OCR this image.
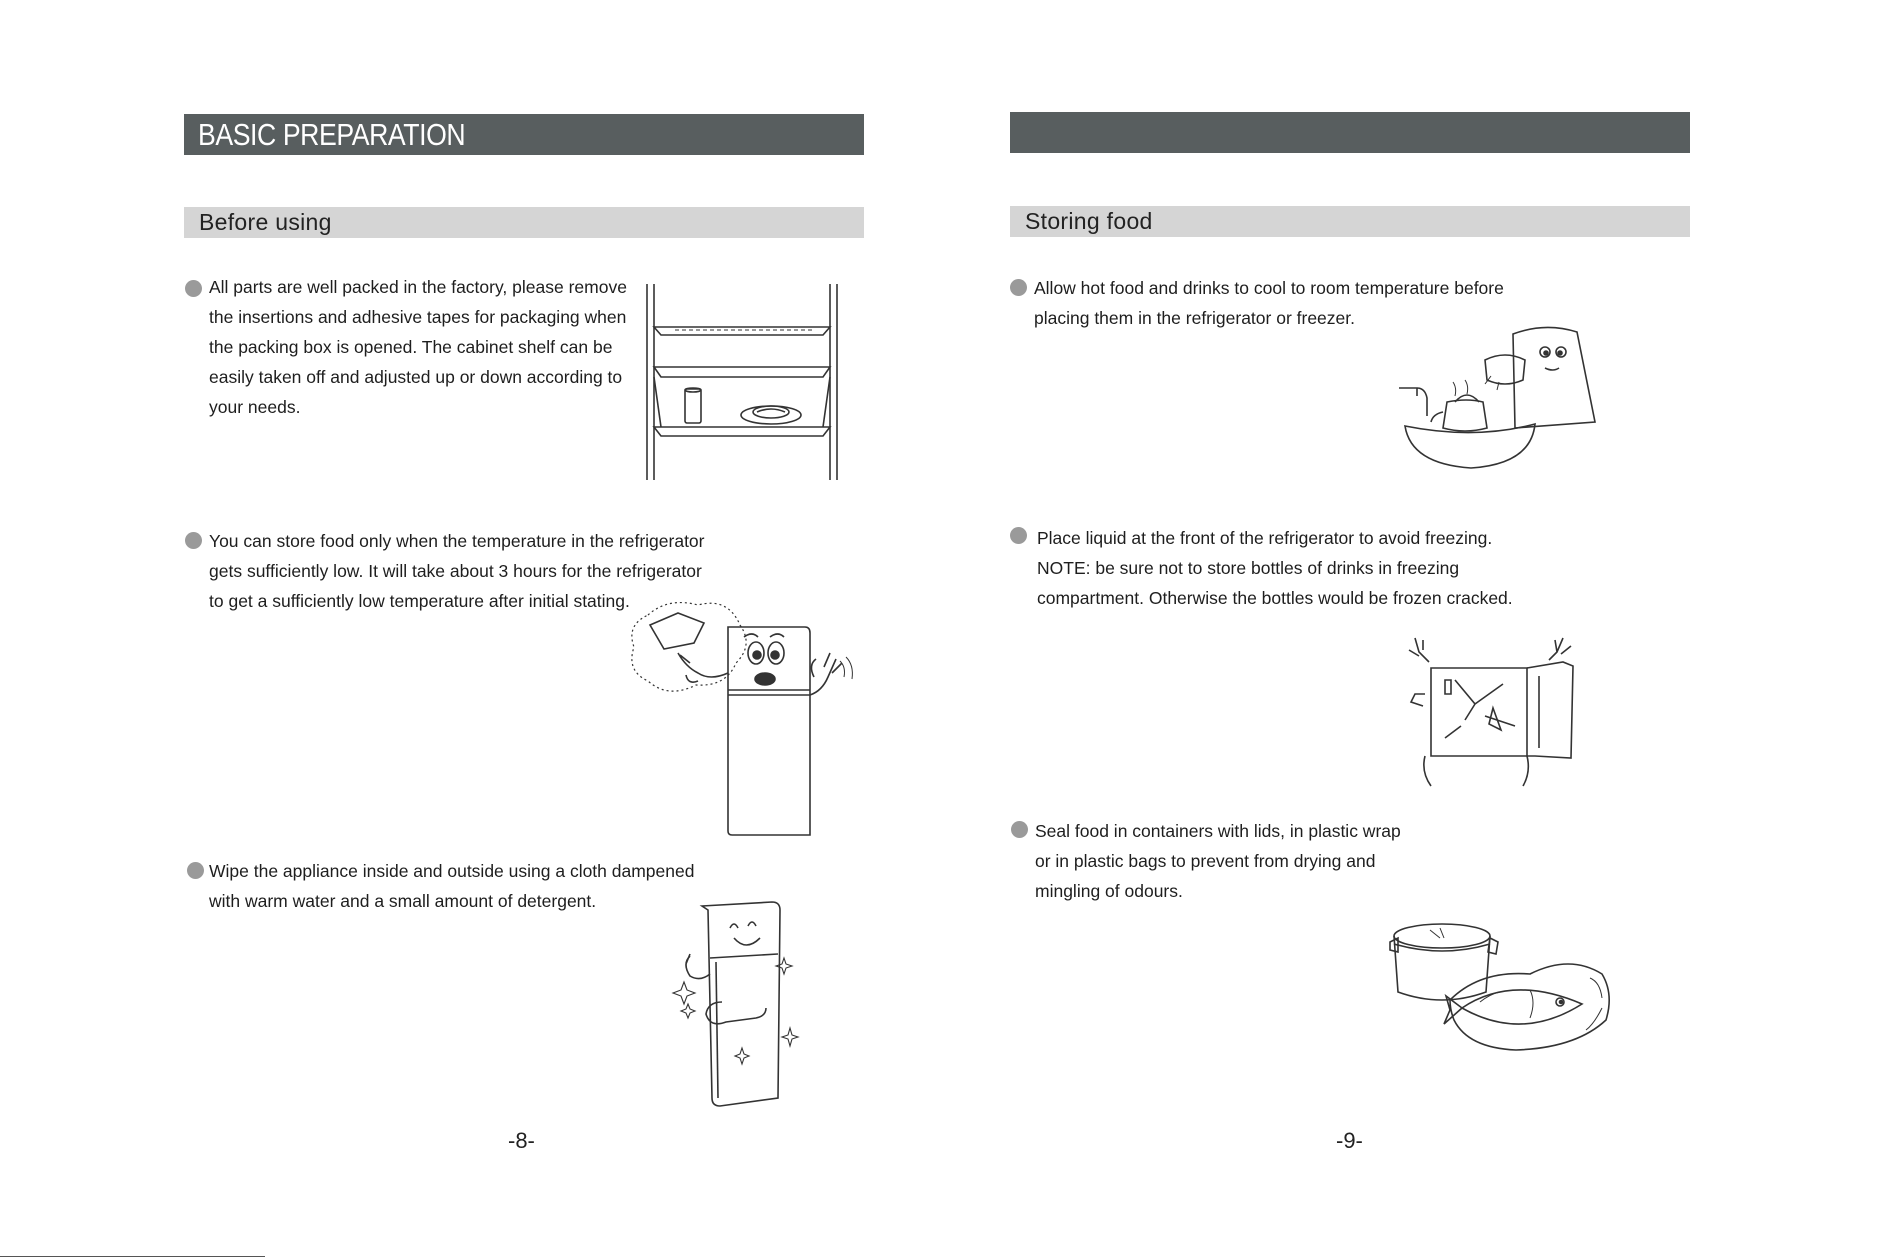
BASIC PREPARATION
Before using
All parts are well packed in the factory, please remove
the insertions and adhesive tapes for packaging when
the packing box is opened. The cabinet shelf can be
easily taken off and adjusted up or down according to
your needs.
You can store food only when the temperature in the refrigerator
gets sufficiently low. It will take about 3 hours for the refrigerator
to get a sufficiently low temperature after initial stating.
Wipe the appliance inside and outside using a cloth dampened
with warm water and a small amount of detergent.
-8-
Storing food
Allow hot food and drinks to cool to room temperature before
placing them in the refrigerator or freezer.
Place liquid at the front of the refrigerator to avoid freezing.
NOTE: be sure not to store bottles of drinks in freezing
compartment. Otherwise the bottles would be frozen cracked.
Seal food in containers with lids, in plastic wrap
or in plastic bags to prevent from drying and
mingling of odours.
-9-
